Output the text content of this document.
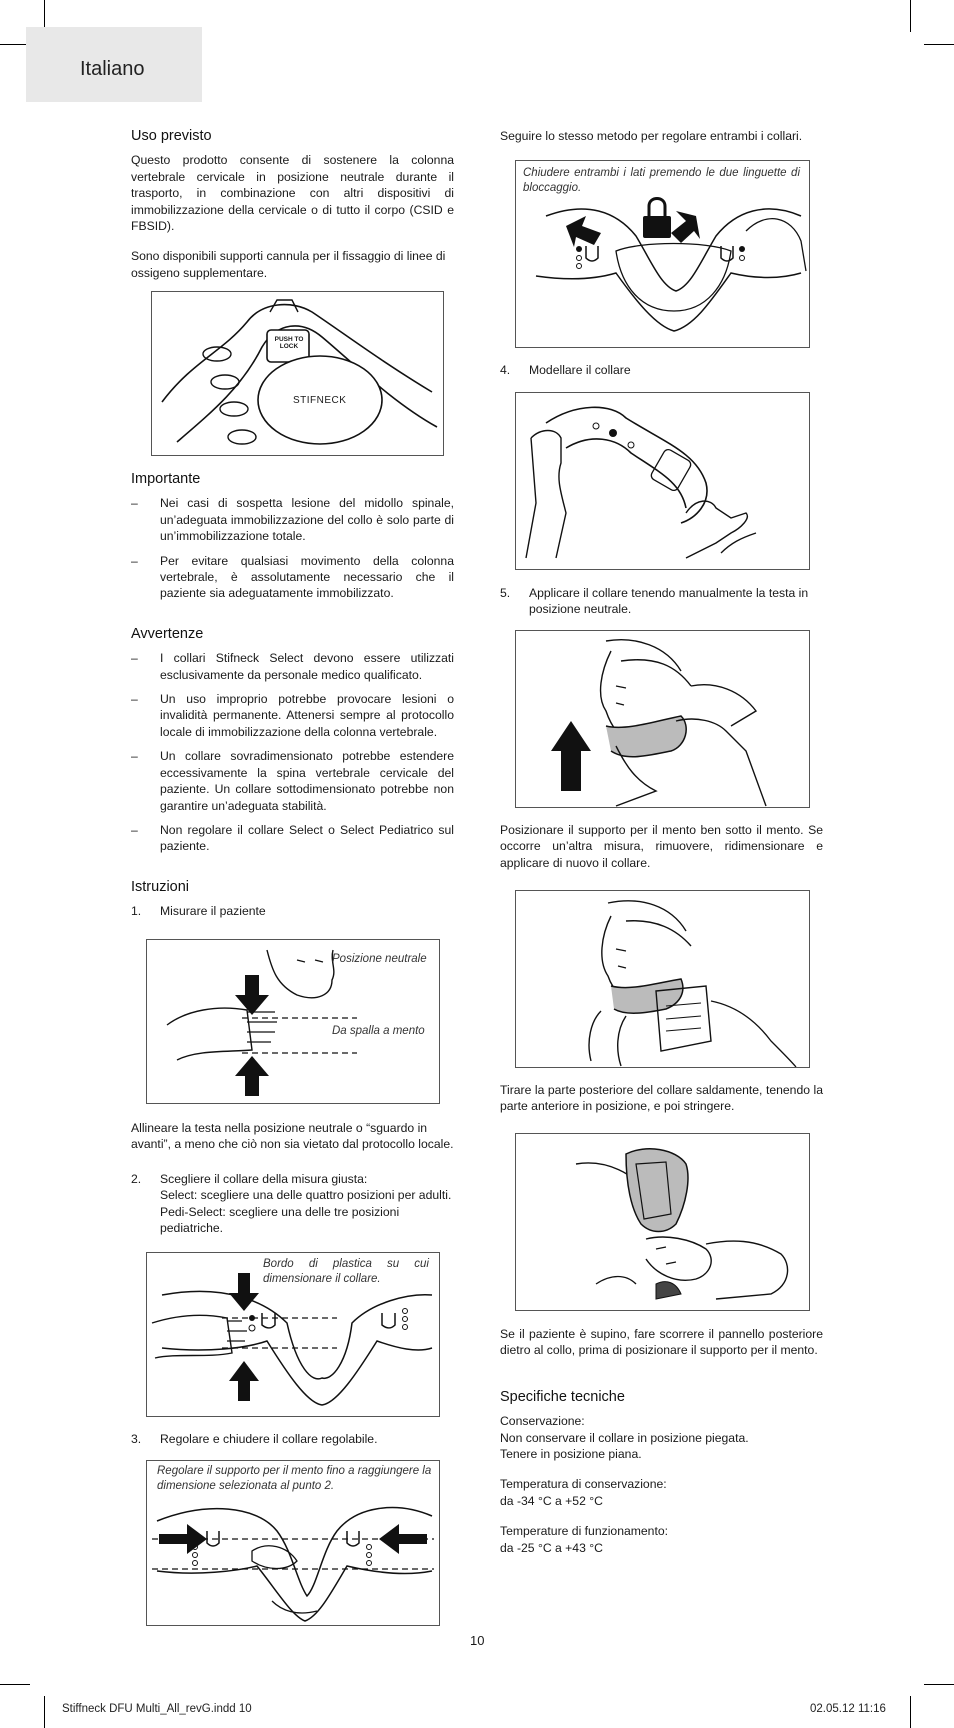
Italiano
Uso previsto

Questo prodotto consente di sostenere la colonna vertebrale cervicale in posizione neutrale durante il trasporto, in combinazione con altri dispositivi di immobilizzazione della cervicale o di tutto il corpo (CSID e FBSID).

Sono disponibili supporti cannula per il fissaggio di linee di ossigeno supplementare.

PUSH TO LOCK
STIFNECK
Importante
– Nei casi di sospetta lesione del midollo spinale, un’adeguata immobilizzazione del collo è solo parte di un’immobilizzazione totale.
– Per evitare qualsiasi movimento della colonna vertebrale, è assolutamente necessario che il paziente sia adeguatamente immobilizzato.
Avvertenze
– I collari Stifneck Select devono essere utilizzati esclusivamente da personale medico qualificato.
– Un uso improprio potrebbe provocare lesioni o invalidità permanente. Attenersi sempre al protocollo locale di immobilizzazione della colonna vertebrale.
– Un collare sovradimensionato potrebbe estendere eccessivamente la spina vertebrale cervicale del paziente. Un collare sottodimensionato potrebbe non garantire un’adeguata stabilità.
– Non regolare il collare Select o Select Pediatrico sul paziente.
Istruzioni
1. Misurare il paziente
Posizione neutrale
Da spalla a mento

Allineare la testa nella posizione neutrale o “sguardo in avanti”, a meno che ciò non sia vietato dal protocollo locale.

2. Scegliere il collare della misura giusta:
Select: scegliere una delle quattro posizioni per adulti. Pedi-Select: scegliere una delle tre posizioni pediatriche.
Bordo di plastica su cui dimensionare il collare.
3. Regolare e chiudere il collare regolabile.
Regolare il supporto per il mento fino a raggiungere la dimensione selezionata al punto 2.

Seguire lo stesso metodo per regolare entrambi i collari.

Chiudere entrambi i lati premendo le due linguette di bloccaggio.
4. Modellare il collare
5. Applicare il collare tenendo manualmente la testa in posizione neutrale.

Posizionare il supporto per il mento ben sotto il mento. Se occorre un’altra misura, rimuovere, ridimensionare e applicare di nuovo il collare.

Tirare la parte posteriore del collare saldamente, tenendo la parte anteriore in posizione, e poi stringere.

Se il paziente è supino, fare scorrere il pannello posteriore dietro al collo, prima di posizionare il supporto per il mento.

Specifiche tecniche
Conservazione:
Non conservare il collare in posizione piegata.
Tenere in posizione piana.
Temperatura di conservazione:
da -34 °C a +52 °C
Temperature di funzionamento:
da -25 °C a +43 °C
10
Stiffneck DFU Multi_All_revG.indd 10	02.05.12 11:16
